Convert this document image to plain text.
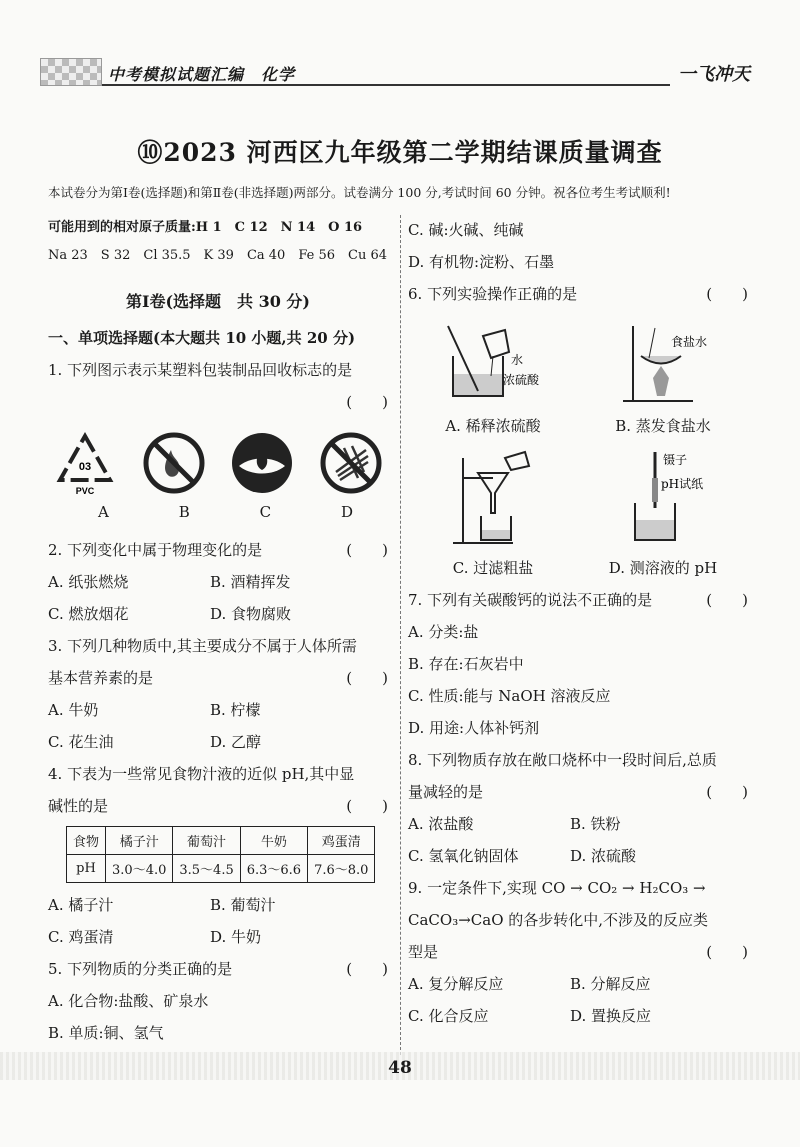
中考模拟试题汇编　化学	一飞冲天
⑩2023 河西区九年级第二学期结课质量调查
本试卷分为第Ⅰ卷(选择题)和第Ⅱ卷(非选择题)两部分。试卷满分 100 分,考试时间 60 分钟。祝各位考生考试顺利!
可能用到的相对原子质量:H 1　C 12　N 14　O 16
Na 23　S 32　Cl 35.5　K 39　Ca 40　Fe 56　Cu 64
第Ⅰ卷(选择题　共 30 分)
一、单项选择题(本大题共 10 小题,共 20 分)
1. 下列图示表示某塑料包装制品回收标志的是
(　　)
03
PVC
A	B	C	D
2. 下列变化中属于物理变化的是	(　　)
A. 纸张燃烧	B. 酒精挥发
C. 燃放烟花	D. 食物腐败
3. 下列几种物质中,其主要成分不属于人体所需
基本营养素的是	(　　)
A. 牛奶	B. 柠檬
C. 花生油	D. 乙醇
4. 下表为一些常见食物汁液的近似 pH,其中显
碱性的是	(　　)
食物	橘子汁	葡萄汁	牛奶	鸡蛋清
pH	3.0～4.0	3.5～4.5	6.3～6.6	7.6～8.0
A. 橘子汁	B. 葡萄汁
C. 鸡蛋清	D. 牛奶
5. 下列物质的分类正确的是	(　　)
A. 化合物:盐酸、矿泉水
B. 单质:铜、氢气
C. 碱:火碱、纯碱
D. 有机物:淀粉、石墨
6. 下列实验操作正确的是	(　　)
水
浓硫酸
A. 稀释浓硫酸
食盐水
B. 蒸发食盐水
C. 过滤粗盐
镊子
pH试纸
D. 测溶液的 pH
7. 下列有关碳酸钙的说法不正确的是	(　　)
A. 分类:盐
B. 存在:石灰岩中
C. 性质:能与 NaOH 溶液反应
D. 用途:人体补钙剂
8. 下列物质存放在敞口烧杯中一段时间后,总质
量减轻的是	(　　)
A. 浓盐酸	B. 铁粉
C. 氢氧化钠固体	D. 浓硫酸
9. 一定条件下,实现 CO → CO₂ → H₂CO₃ →
CaCO₃→CaO 的各步转化中,不涉及的反应类
型是	(　　)
A. 复分解反应	B. 分解反应
C. 化合反应	D. 置换反应
48
